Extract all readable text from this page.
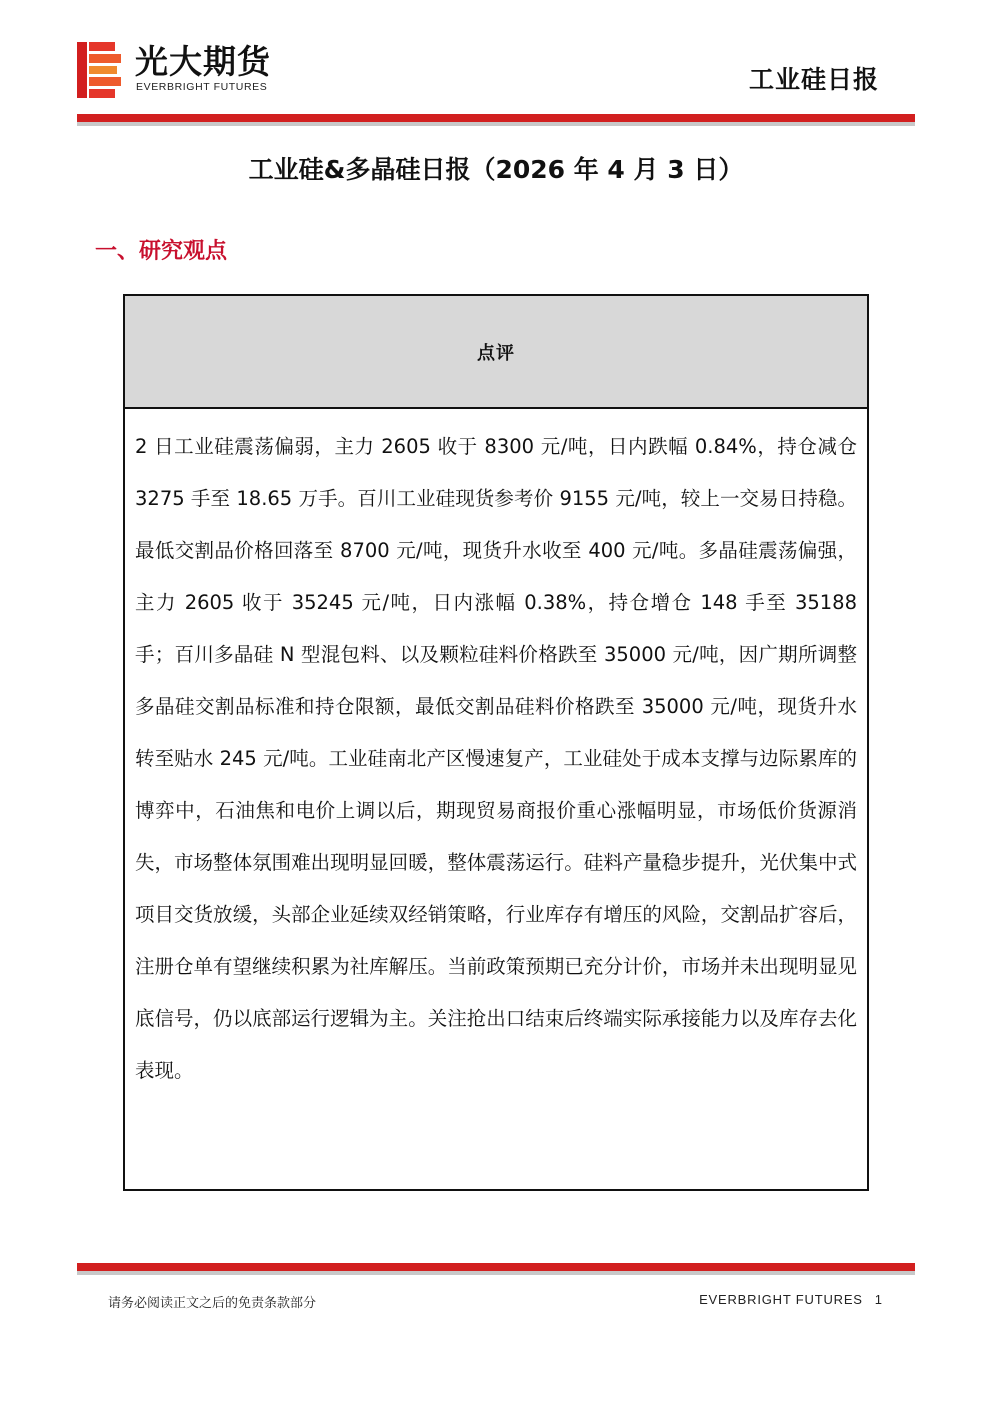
光大期货
EVERBRIGHT FUTURES	工业硅日报
工业硅&多晶硅日报（2026 年 4 月 3 日）
一、研究观点
点评
2 日工业硅震荡偏弱，主力 2605 收于 8300 元/吨，日内跌幅 0.84%，持仓减仓 3275 手至 18.65 万手。百川工业硅现货参考价 9155 元/吨，较上一交易日持稳。最低交割品价格回落至 8700 元/吨，现货升水收至 400 元/吨。多晶硅震荡偏强，主力 2605 收于 35245 元/吨，日内涨幅 0.38%，持仓增仓 148 手至 35188 手；百川多晶硅 N 型混包料、以及颗粒硅料价格跌至 35000 元/吨，因广期所调整多晶硅交割品标准和持仓限额，最低交割品硅料价格跌至 35000 元/吨，现货升水转至贴水 245 元/吨。工业硅南北产区慢速复产，工业硅处于成本支撑与边际累库的博弈中，石油焦和电价上调以后，期现贸易商报价重心涨幅明显，市场低价货源消失，市场整体氛围难出现明显回暖，整体震荡运行。硅料产量稳步提升，光伏集中式项目交货放缓，头部企业延续双经销策略，行业库存有增压的风险，交割品扩容后，注册仓单有望继续积累为社库解压。当前政策预期已充分计价，市场并未出现明显见底信号，仍以底部运行逻辑为主。关注抢出口结束后终端实际承接能力以及库存去化表现。
请务必阅读正文之后的免责条款部分	EVERBRIGHT FUTURES 1
